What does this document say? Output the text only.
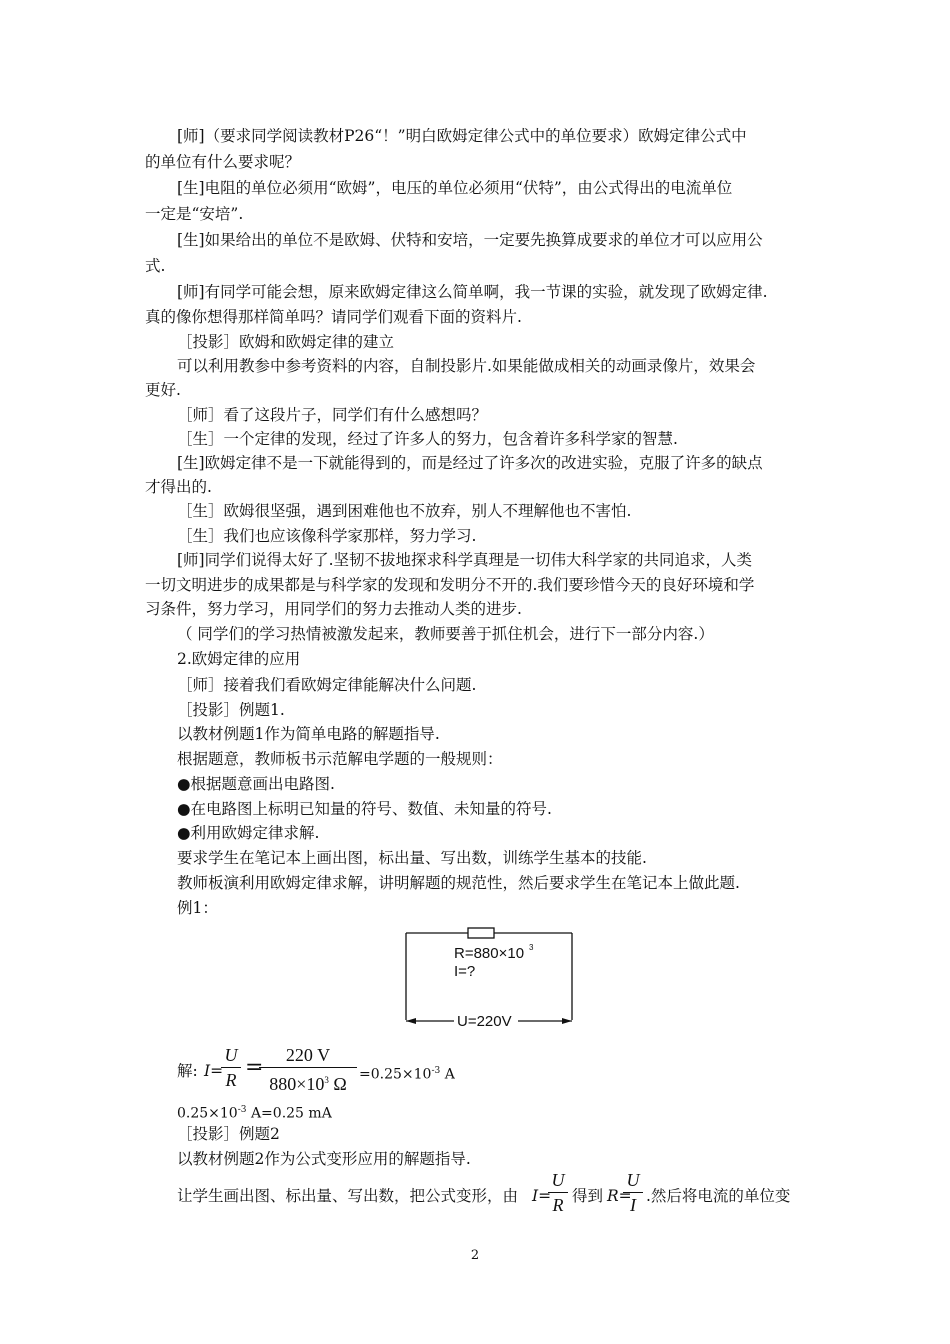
[师]（要求同学阅读教材P26“！”明白欧姆定律公式中的单位要求）欧姆定律公式中
的单位有什么要求呢？
[生]电阻的单位必须用“欧姆”，电压的单位必须用“伏特”，由公式得出的电流单位
一定是“安培”.
[生]如果给出的单位不是欧姆、伏特和安培，一定要先换算成要求的单位才可以应用公
式.
[师]有同学可能会想，原来欧姆定律这么简单啊，我一节课的实验，就发现了欧姆定律.
真的像你想得那样简单吗？请同学们观看下面的资料片.
［投影］欧姆和欧姆定律的建立
可以利用教参中参考资料的内容，自制投影片.如果能做成相关的动画录像片，效果会
更好.
［师］看了这段片子，同学们有什么感想吗？
［生］一个定律的发现，经过了许多人的努力，包含着许多科学家的智慧.
[生]欧姆定律不是一下就能得到的，而是经过了许多次的改进实验，克服了许多的缺点
才得出的.
［生］欧姆很坚强，遇到困难他也不放弃，别人不理解他也不害怕.
［生］我们也应该像科学家那样，努力学习.
[师]同学们说得太好了.坚韧不拔地探求科学真理是一切伟大科学家的共同追求，人类
一切文明进步的成果都是与科学家的发现和发明分不开的.我们要珍惜今天的良好环境和学
习条件，努力学习，用同学们的努力去推动人类的进步.
（ 同学们的学习热情被激发起来，教师要善于抓住机会，进行下一部分内容.）
2.欧姆定律的应用
［师］接着我们看欧姆定律能解决什么问题.
［投影］例题1.
以教材例题1作为简单电路的解题指导.
根据题意，教师板书示范解电学题的一般规则：
●根据题意画出电路图.
●在电路图上标明已知量的符号、数值、未知量的符号.
●利用欧姆定律求解.
要求学生在笔记本上画出图，标出量、写出数，训练学生基本的技能.
教师板演利用欧姆定律求解，讲明解题的规范性，然后要求学生在笔记本上做此题.
例1：
R=880×10 3
I=?
U=220V
解: I=
U
R =	220 V
$880\times 10^3$ $\Omega =0.25\times 10^{-3}$ A
$0.25\times 10^{-3}$ A=0.25 mA
［投影］例题2
以教材例题2作为公式变形应用的解题指导.
让学生画出图、标出量、写出数，把公式变形，由 I=
U
R 得到 R=
U
I .然后将电流的单位变
2
